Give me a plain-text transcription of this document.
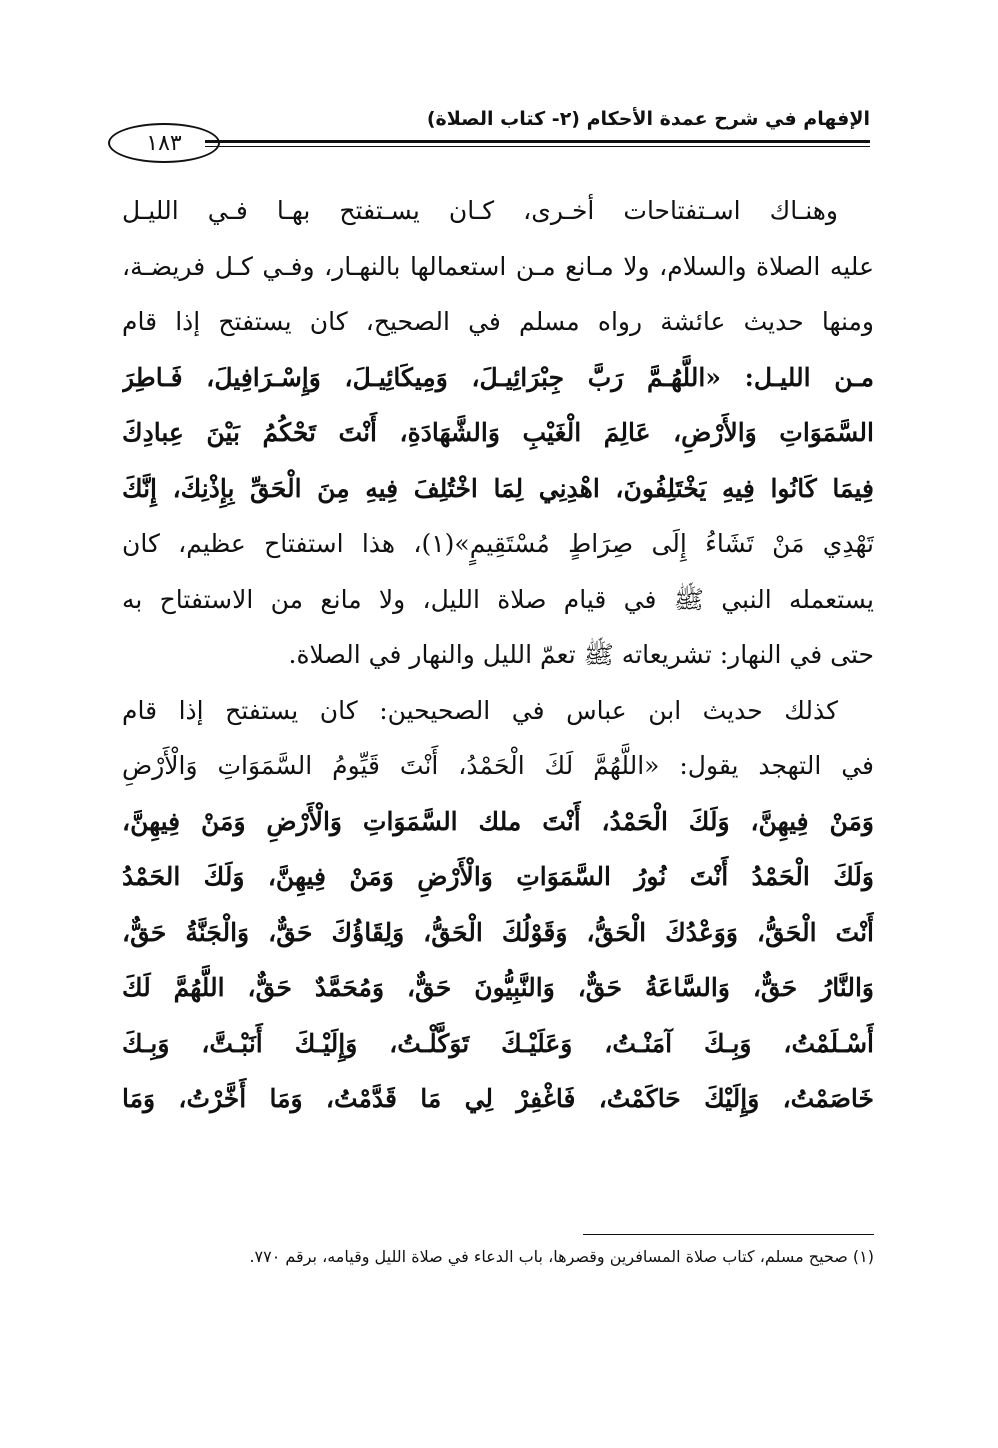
الإفهام في شرح عمدة الأحكام (٢- كتاب الصلاة)
١٨٣
وهنـاك اسـتفتاحات أخـرى، كـان يسـتفتح بهـا فـي الليـل
عليه الصلاة والسلام، ولا مـانع مـن استعمالها بالنهـار، وفـي كـل فريضـة،
ومنها حديث عائشة رواه مسلم في الصحيح، كان يستفتح إذا قام
مـن الليـل: «اللَّهُـمَّ رَبَّ جِبْرَائِيـلَ، وَمِيكَائِيـلَ، وَإِسْـرَافِيلَ، فَـاطِرَ
السَّمَوَاتِ وَالأَرْضِ، عَالِمَ الْغَيْبِ وَالشَّهَادَةِ، أَنْتَ تَحْكُمُ بَيْنَ عِبادِكَ
فِيمَا كَانُوا فِيهِ يَخْتَلِفُونَ، اهْدِنِي لِمَا اخْتُلِفَ فِيهِ مِنَ الْحَقِّ بِإِذْنِكَ، إِنَّكَ
تَهْدِي مَنْ تَشَاءُ إِلَى صِرَاطٍ مُسْتَقِيمٍ»(١)، هذا استفتاح عظيم، كان
يستعمله النبي ﷺ في قيام صلاة الليل، ولا مانع من الاستفتاح به
حتى في النهار: تشريعاته ﷺ تعمّ الليل والنهار في الصلاة.
كذلك حديث ابن عباس في الصحيحين: كان يستفتح إذا قام
في التهجد يقول: «اللَّهُمَّ لَكَ الْحَمْدُ، أَنْتَ قَيِّومُ السَّمَوَاتِ وَالْأَرْضِ
وَمَنْ فِيهِنَّ، وَلَكَ الْحَمْدُ، أَنْتَ ملك السَّمَوَاتِ وَالْأَرْضِ وَمَنْ فِيهِنَّ،
وَلَكَ الْحَمْدُ أَنْتَ نُورُ السَّمَوَاتِ وَالْأَرْضِ وَمَنْ فِيهِنَّ، وَلَكَ الحَمْدُ
أَنْتَ الْحَقُّ، وَوَعْدُكَ الْحَقُّ، وَقَوْلُكَ الْحَقُّ، وَلِقَاؤُكَ حَقٌّ، وَالْجَنَّةُ حَقٌّ،
وَالنَّارُ حَقٌّ، وَالسَّاعَةُ حَقٌّ، وَالنَّبِيُّونَ حَقٌّ، وَمُحَمَّدٌ حَقٌّ، اللَّهُمَّ لَكَ
أَسْـلَمْتُ، وَبِـكَ آمَنْـتُ، وَعَلَيْـكَ تَوَكَّلْـتُ، وَإِلَيْـكَ أَنَبْـتَّ، وَبِـكَ
خَاصَمْتُ، وَإِلَيْكَ حَاكَمْتُ، فَاغْفِرْ لِي مَا قَدَّمْتُ، وَمَا أَخَّرْتُ، وَمَا
(١) صحيح مسلم، كتاب صلاة المسافرين وقصرها، باب الدعاء في صلاة الليل وقيامه، برقم ٧٧٠.
